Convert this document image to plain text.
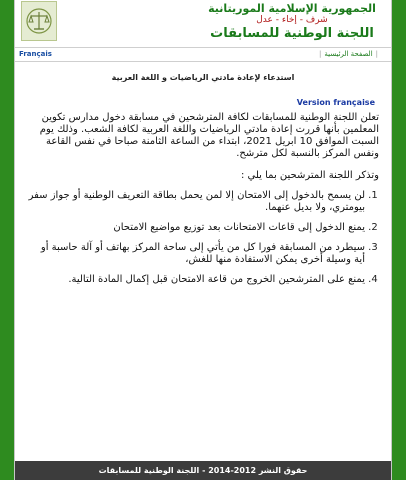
الجمهورية الإسلامية الموريتانية
شرف - إخاء - عدل
اللجنة الوطنية للمسابقات
Français	|الصفحة الرئيسية|
استدعاء لإعادة مادتي الرياضيات و اللغة العربية
Version française

تعلن اللجنة الوطنية للمسابقات لكافة المترشحين في مسابقة دخول مدارس تكوين المعلمين بأنها قررت إعادة مادتي الرياضيات واللغة العربية لكافة الشعب. وذلك يوم السبت الموافق 10 ابريل 2021، ابتداء من الساعة الثامنة صباحا في نفس القاعة ونفس المركز بالنسبة لكل مترشح.

وتذكر اللجنة المترشحين بما يلي :

1. لن يسمح بالدخول إلى الامتحان إلا لمن يحمل بطاقة التعريف الوطنية أو جواز سفر بيومتري، ولا بديل عنهما.
2. يمنع الدخول إلى قاعات الامتحانات بعد توزيع مواضيع الامتحان
3. سيطرد من المسابقة فورا كل من يأتي إلى ساحة المركز بهاتف أو آلة حاسبة أو أية وسيلة أخرى يمكن الاستفادة منها للغش،
4. يمنع على المترشحين الخروج من قاعة الامتحان قبل إكمال المادة التالية.
حقوق النشر 2012-2014 - اللجنة الوطنية للمسابقات
